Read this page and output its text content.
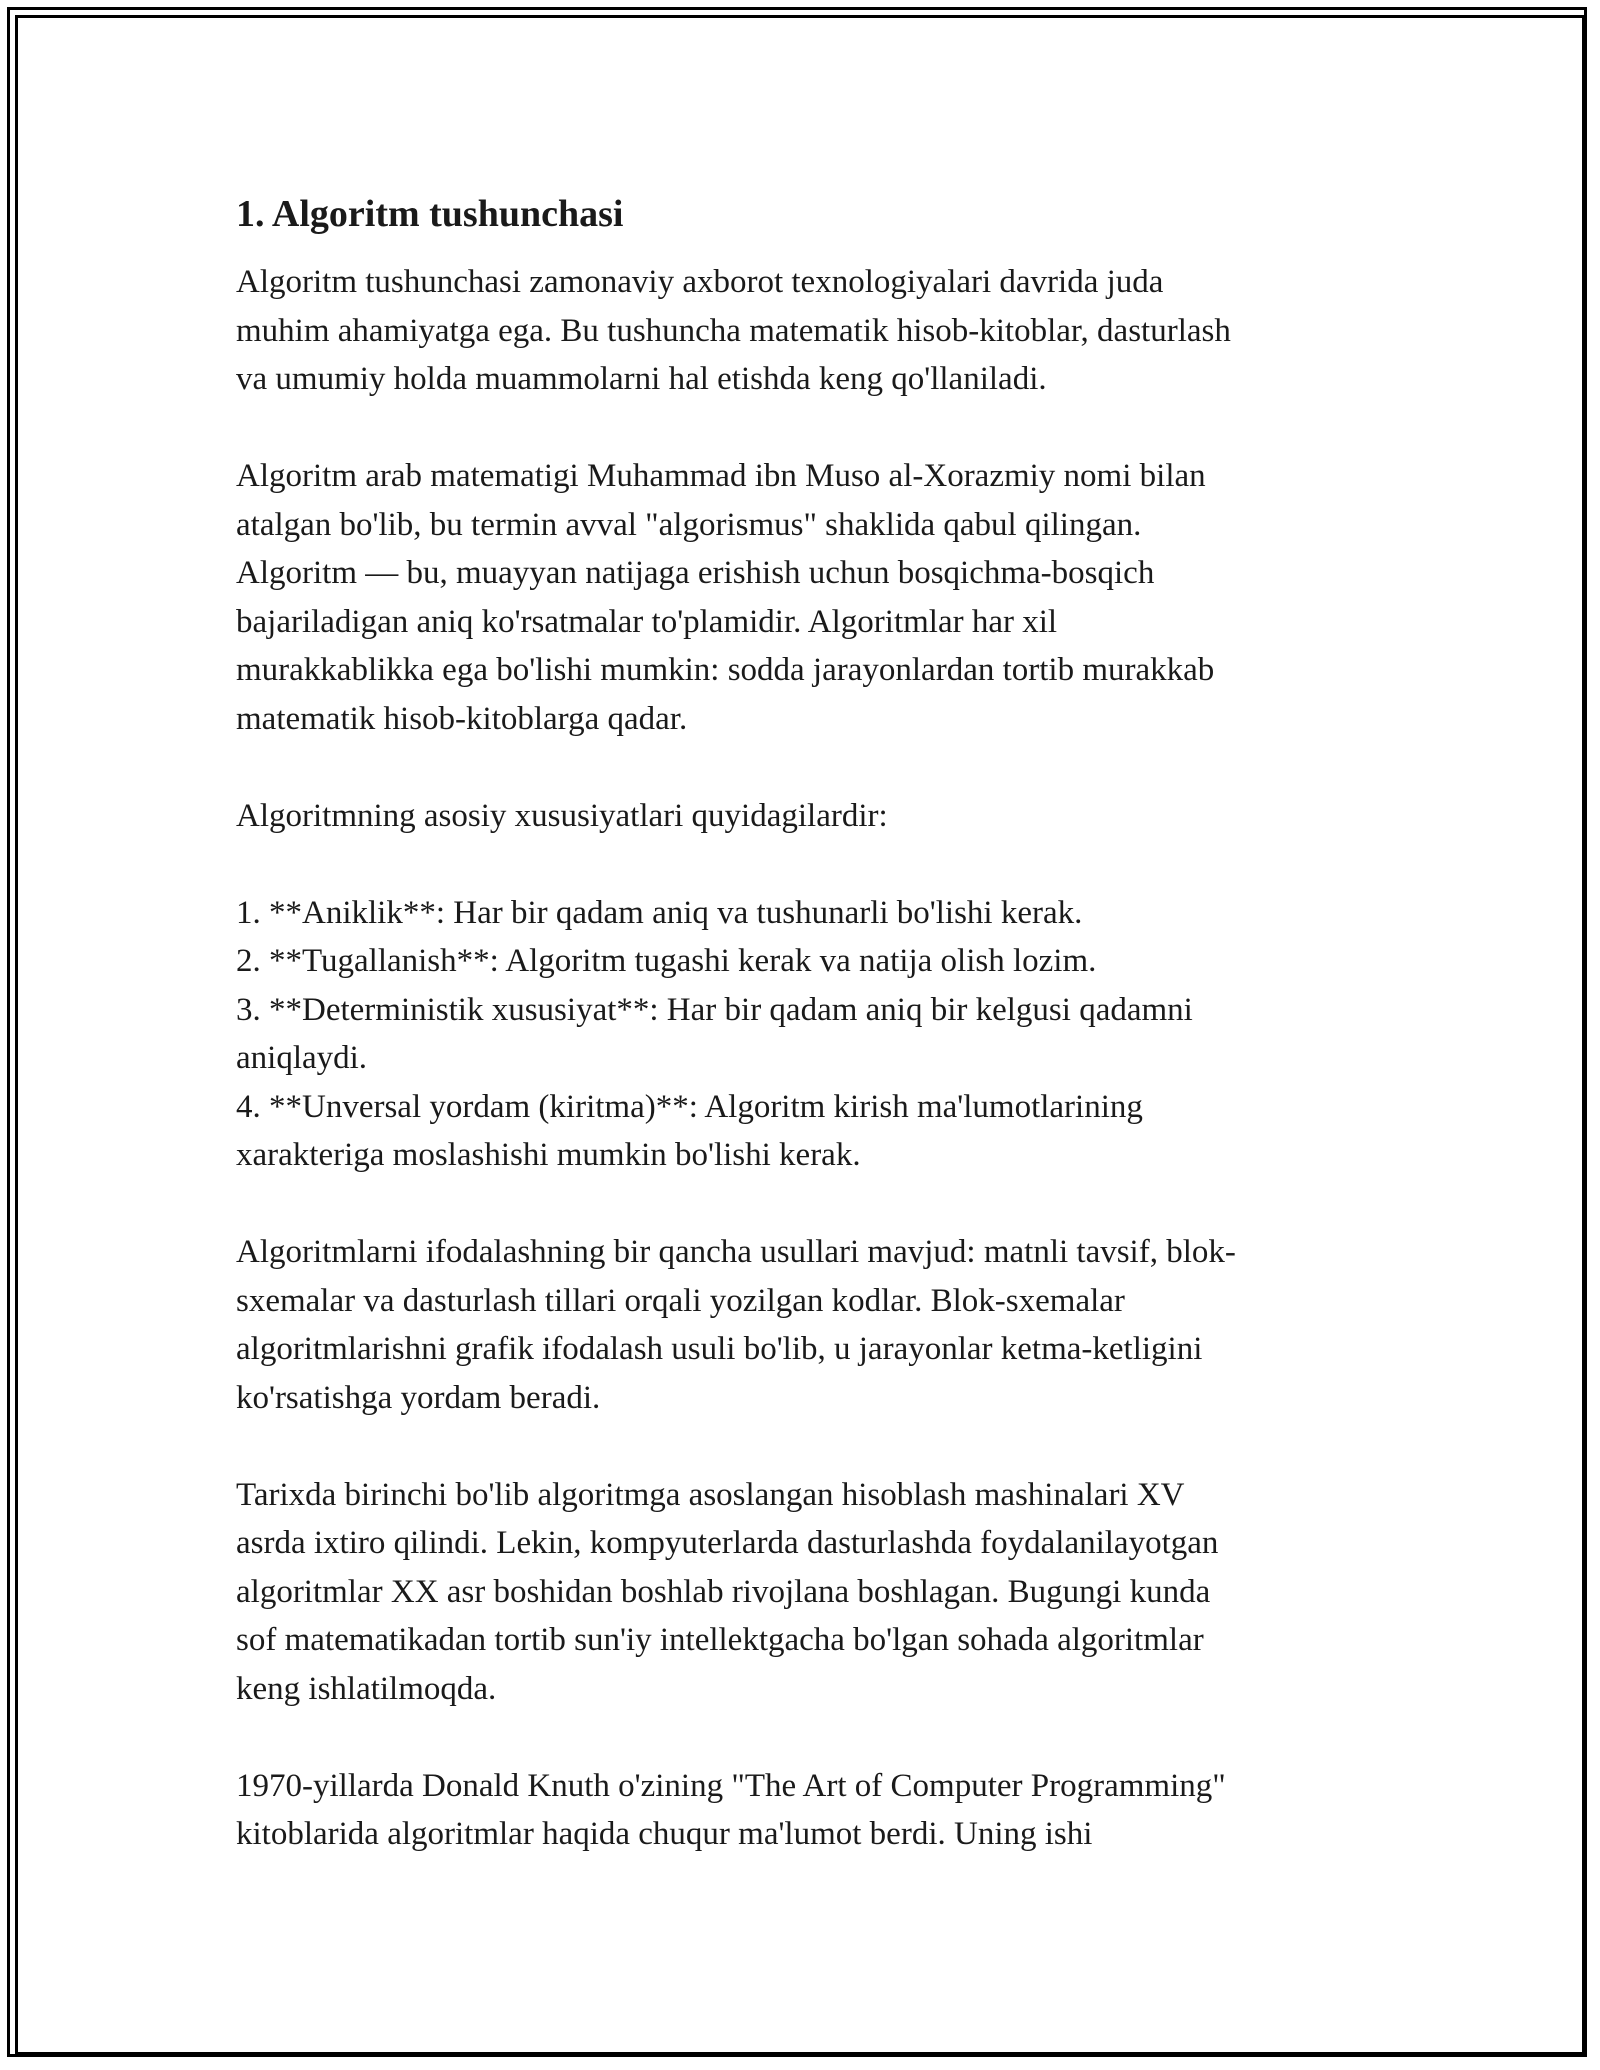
1. Algoritm tushunchasi

Algoritm tushunchasi zamonaviy axborot texnologiyalari davrida juda
muhim ahamiyatga ega. Bu tushuncha matematik hisob-kitoblar, dasturlash
va umumiy holda muammolarni hal etishda keng qo'llaniladi.

Algoritm arab matematigi Muhammad ibn Muso al-Xorazmiy nomi bilan
atalgan bo'lib, bu termin avval "algorismus" shaklida qabul qilingan.
Algoritm — bu, muayyan natijaga erishish uchun bosqichma-bosqich
bajariladigan aniq ko'rsatmalar to'plamidir. Algoritmlar har xil
murakkablikka ega bo'lishi mumkin: sodda jarayonlardan tortib murakkab
matematik hisob-kitoblarga qadar.

Algoritmning asosiy xususiyatlari quyidagilardir:

1. **Aniklik**: Har bir qadam aniq va tushunarli bo'lishi kerak.
2. **Tugallanish**: Algoritm tugashi kerak va natija olish lozim.
3. **Deterministik xususiyat**: Har bir qadam aniq bir kelgusi qadamni
aniqlaydi.
4. **Unversal yordam (kiritma)**: Algoritm kirish ma'lumotlarining
xarakteriga moslashishi mumkin bo'lishi kerak.

Algoritmlarni ifodalashning bir qancha usullari mavjud: matnli tavsif, blok-
sxemalar va dasturlash tillari orqali yozilgan kodlar. Blok-sxemalar
algoritmlarishni grafik ifodalash usuli bo'lib, u jarayonlar ketma-ketligini
ko'rsatishga yordam beradi.

Tarixda birinchi bo'lib algoritmga asoslangan hisoblash mashinalari XV
asrda ixtiro qilindi. Lekin, kompyuterlarda dasturlashda foydalanilayotgan
algoritmlar XX asr boshidan boshlab rivojlana boshlagan. Bugungi kunda
sof matematikadan tortib sun'iy intellektgacha bo'lgan sohada algoritmlar
keng ishlatilmoqda.

1970-yillarda Donald Knuth o'zining "The Art of Computer Programming"
kitoblarida algoritmlar haqida chuqur ma'lumot berdi. Uning ishi
